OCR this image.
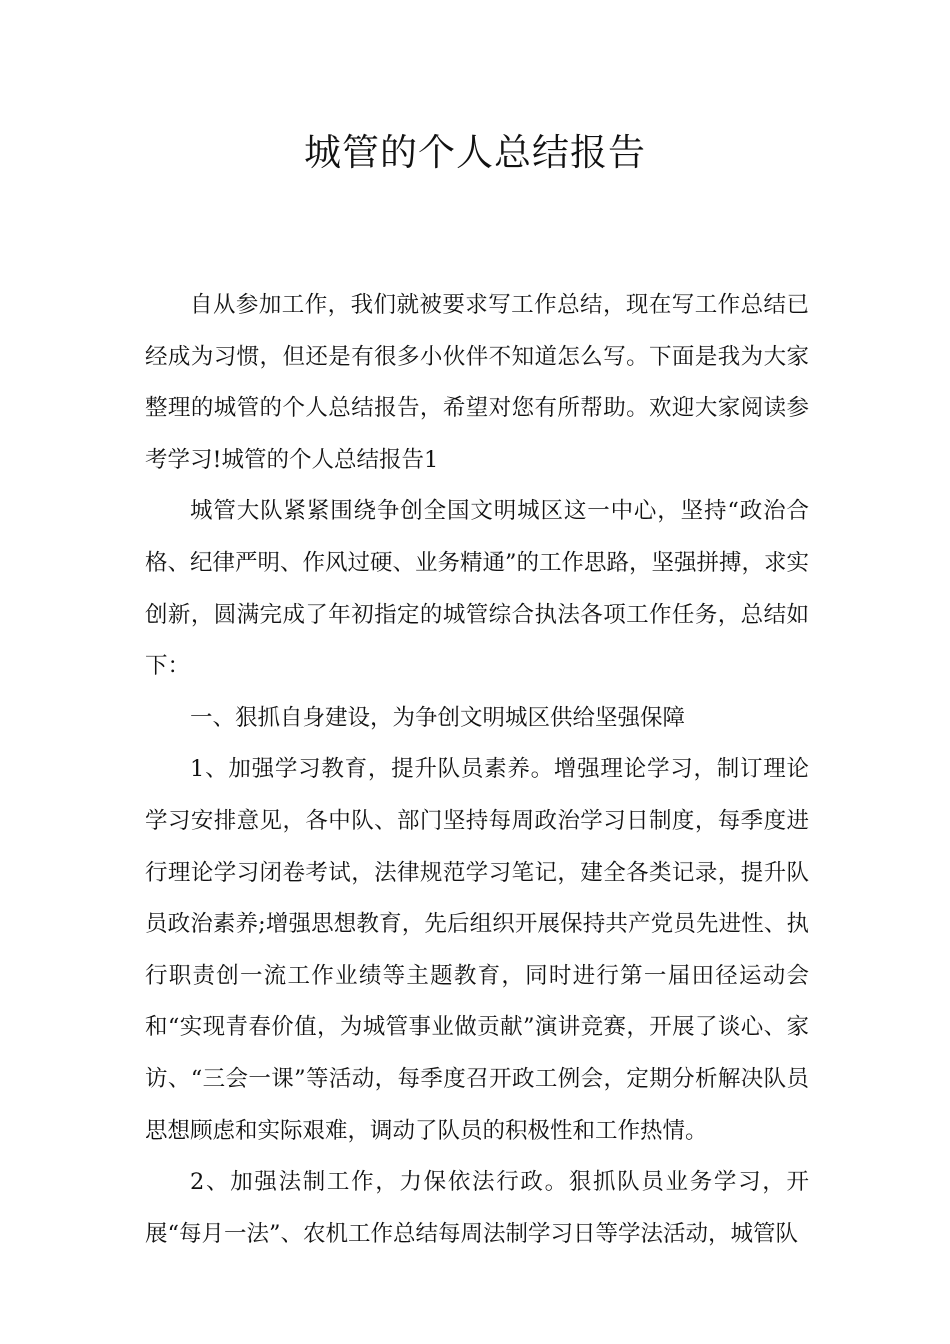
城管的个人总结报告

自从参加工作，我们就被要求写工作总结，现在写工作总结已经成为习惯，但还是有很多小伙伴不知道怎么写。下面是我为大家整理的城管的个人总结报告，希望对您有所帮助。欢迎大家阅读参考学习!城管的个人总结报告1

城管大队紧紧围绕争创全国文明城区这一中心，坚持“政治合格、纪律严明、作风过硬、业务精通”的工作思路，坚强拼搏，求实创新，圆满完成了年初指定的城管综合执法各项工作任务，总结如下：

一、狠抓自身建设，为争创文明城区供给坚强保障

1、加强学习教育，提升队员素养。增强理论学习，制订理论学习安排意见，各中队、部门坚持每周政治学习日制度，每季度进行理论学习闭卷考试，法律规范学习笔记，建全各类记录，提升队员政治素养;增强思想教育，先后组织开展保持共产党员先进性、执行职责创一流工作业绩等主题教育，同时进行第一届田径运动会和“实现青春价值，为城管事业做贡献”演讲竞赛，开展了谈心、家访、“三会一课”等活动，每季度召开政工例会，定期分析解决队员思想顾虑和实际艰难，调动了队员的积极性和工作热情。

2、加强法制工作，力保依法行政。狠抓队员业务学习，开展“每月一法”、农机工作总结每周法制学习日等学法活动，城管队
